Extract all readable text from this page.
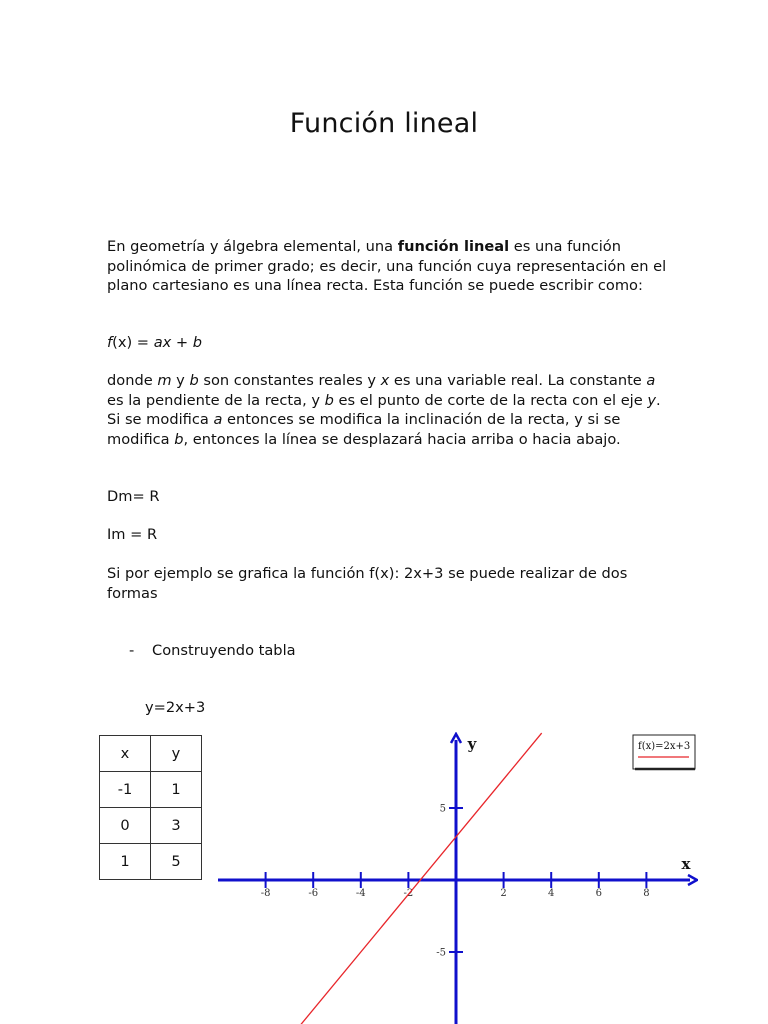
Función lineal

En geometría y álgebra elemental, una función lineal es una función polinómica de primer grado; es decir, una función cuya representación en el plano cartesiano es una línea recta. Esta función se puede escribir como:

f(x) = ax + b

donde m y b son constantes reales y x es una variable real. La constante a es la pendiente de la recta, y b es el punto de corte de la recta con el eje y. Si se modifica a entonces se modifica la inclinación de la recta, y si se modifica b, entonces la línea se desplazará hacia arriba o hacia abajo.

Dm= R

Im = R

Si por ejemplo se grafica la función f(x): 2x+3 se puede realizar de dos formas

- Construyendo tabla
y=2x+3
x	y
-1	1
0	3
1	5	x
y
-8	-6	-4	-2	2	4	6	8
5
-5
f(x)=2x+3
